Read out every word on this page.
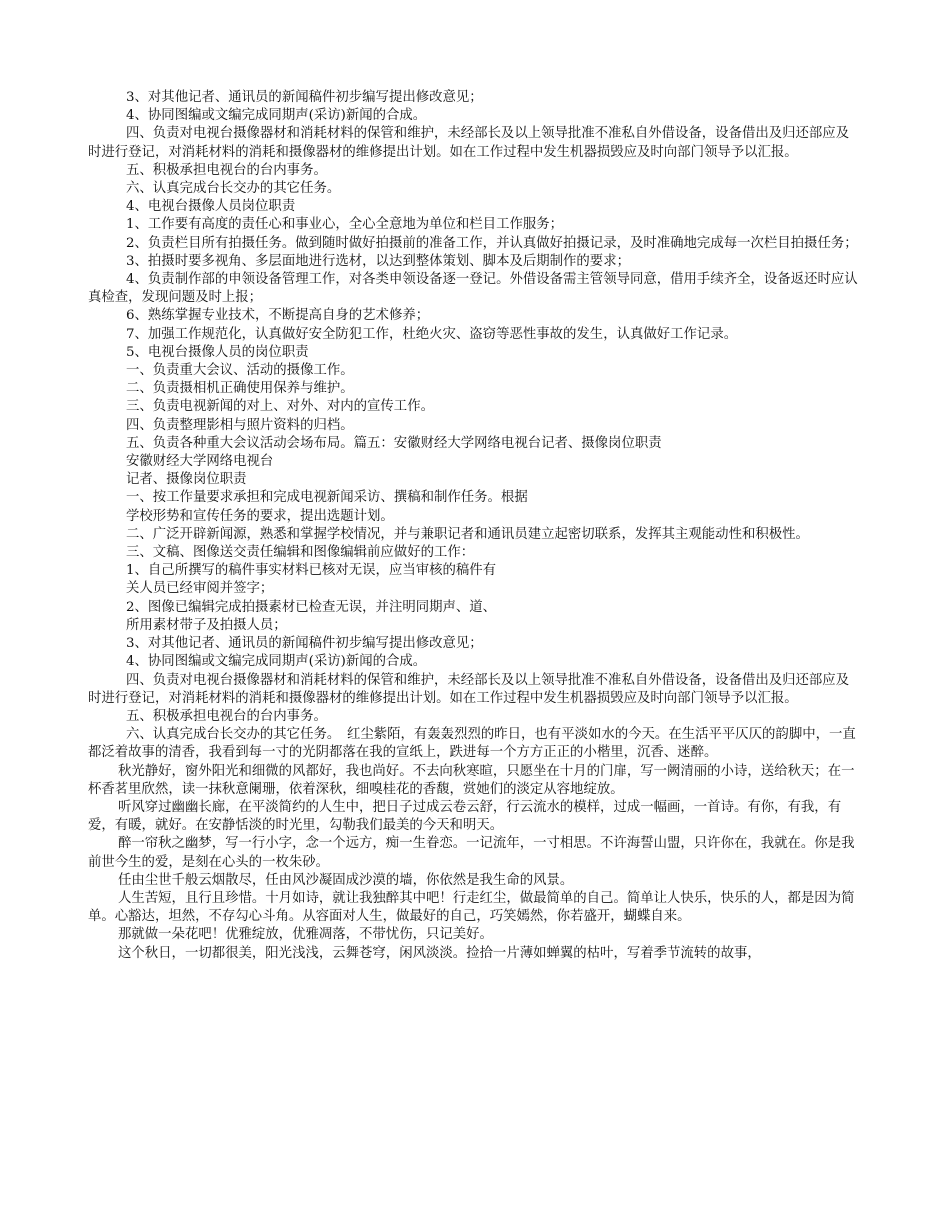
3、对其他记者、通讯员的新闻稿件初步编写提出修改意见；

4、协同图编或文编完成同期声(采访)新闻的合成。

四、负责对电视台摄像器材和消耗材料的保管和维护，未经部长及以上领导批准不准私自外借设备，设备借出及归还部应及时进行登记，对消耗材料的消耗和摄像器材的维修提出计划。如在工作过程中发生机器损毁应及时向部门领导予以汇报。

五、积极承担电视台的台内事务。

六、认真完成台长交办的其它任务。

4、电视台摄像人员岗位职责

1、工作要有高度的责任心和事业心，全心全意地为单位和栏目工作服务；

2、负责栏目所有拍摄任务。做到随时做好拍摄前的准备工作，并认真做好拍摄记录，及时准确地完成每一次栏目拍摄任务；

3、拍摄时要多视角、多层面地进行选材，以达到整体策划、脚本及后期制作的要求；

4、负责制作部的申领设备管理工作，对各类申领设备逐一登记。外借设备需主管领导同意，借用手续齐全，设备返还时应认真检查，发现问题及时上报；

6、熟练掌握专业技术，不断提高自身的艺术修养；

7、加强工作规范化，认真做好安全防犯工作，杜绝火灾、盗窃等恶性事故的发生，认真做好工作记录。

5、电视台摄像人员的岗位职责

一、负责重大会议、活动的摄像工作。

二、负责摄相机正确使用保养与维护。

三、负责电视新闻的对上、对外、对内的宣传工作。

四、负责整理影相与照片资料的归档。

五、负责各种重大会议活动会场布局。篇五：安徽财经大学网络电视台记者、摄像岗位职责

安徽财经大学网络电视台

记者、摄像岗位职责

一、按工作量要求承担和完成电视新闻采访、撰稿和制作任务。根据

学校形势和宣传任务的要求，提出选题计划。

二、广泛开辟新闻源，熟悉和掌握学校情况，并与兼职记者和通讯员建立起密切联系，发挥其主观能动性和积极性。

三、文稿、图像送交责任编辑和图像编辑前应做好的工作：

1、自己所撰写的稿件事实材料已核对无误，应当审核的稿件有

关人员已经审阅并签字；

2、图像已编辑完成拍摄素材已检查无误，并注明同期声、道、

所用素材带子及拍摄人员；

3、对其他记者、通讯员的新闻稿件初步编写提出修改意见；

4、协同图编或文编完成同期声(采访)新闻的合成。

四、负责对电视台摄像器材和消耗材料的保管和维护，未经部长及以上领导批准不准私自外借设备，设备借出及归还部应及时进行登记，对消耗材料的消耗和摄像器材的维修提出计划。如在工作过程中发生机器损毁应及时向部门领导予以汇报。

五、积极承担电视台的台内事务。

六、认真完成台长交办的其它任务。　红尘紫陌，有轰轰烈烈的昨日，也有平淡如水的今天。在生活平平仄仄的韵脚中，一直都泛着故事的清香，我看到每一寸的光阴都落在我的宣纸上，跌进每一个方方正正的小楷里，沉香、迷醉。

秋光静好，窗外阳光和细微的风都好，我也尚好。不去向秋寒暄，只愿坐在十月的门扉，写一阙清丽的小诗，送给秋天；在一杯香茗里欣然，读一抹秋意阑珊，依着深秋，细嗅桂花的香馥，赏她们的淡定从容地绽放。

听风穿过幽幽长廊，在平淡简约的人生中，把日子过成云卷云舒，行云流水的模样，过成一幅画，一首诗。有你，有我，有爱，有暖，就好。在安静恬淡的时光里，勾勒我们最美的今天和明天。

醉一帘秋之幽梦，写一行小字，念一个远方，痴一生眷恋。一记流年，一寸相思。不许海誓山盟，只许你在，我就在。你是我前世今生的爱，是刻在心头的一枚朱砂。

任由尘世千般云烟散尽，任由风沙凝固成沙漠的墙，你依然是我生命的风景。

人生苦短，且行且珍惜。十月如诗，就让我独醉其中吧！行走红尘，做最简单的自己。简单让人快乐，快乐的人，都是因为简单。心豁达，坦然，不存勾心斗角。从容面对人生，做最好的自己，巧笑嫣然，你若盛开，蝴蝶自来。

那就做一朵花吧！优雅绽放，优雅凋落，不带忧伤，只记美好。

这个秋日，一切都很美，阳光浅浅，云舞苍穹，闲风淡淡。捡拾一片薄如蝉翼的枯叶，写着季节流转的故事，
